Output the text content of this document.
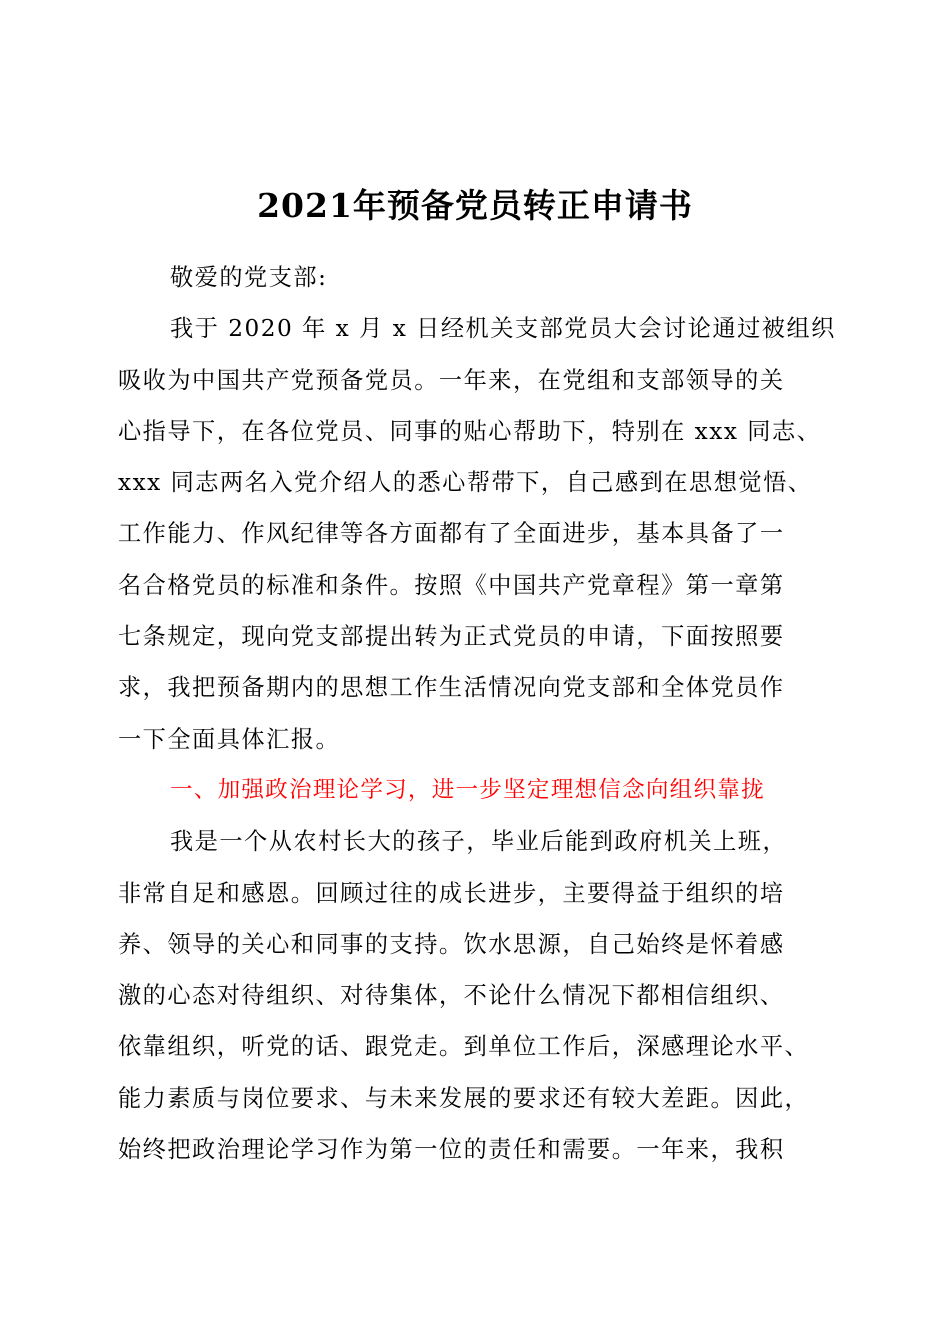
2021年预备党员转正申请书
敬爱的党支部:
我于 2020 年 x 月 x 日经机关支部党员大会讨论通过被组织
吸收为中国共产党预备党员。一年来，在党组和支部领导的关
心指导下，在各位党员、同事的贴心帮助下，特别在 xxx 同志、
xxx 同志两名入党介绍人的悉心帮带下，自己感到在思想觉悟、
工作能力、作风纪律等各方面都有了全面进步，基本具备了一
名合格党员的标准和条件。按照《中国共产党章程》第一章第
七条规定，现向党支部提出转为正式党员的申请，下面按照要
求，我把预备期内的思想工作生活情况向党支部和全体党员作
一下全面具体汇报。
一、加强政治理论学习，进一步坚定理想信念向组织靠拢
我是一个从农村长大的孩子，毕业后能到政府机关上班，
非常自足和感恩。回顾过往的成长进步，主要得益于组织的培
养、领导的关心和同事的支持。饮水思源，自己始终是怀着感
激的心态对待组织、对待集体，不论什么情况下都相信组织、
依靠组织，听党的话、跟党走。到单位工作后，深感理论水平、
能力素质与岗位要求、与未来发展的要求还有较大差距。因此，
始终把政治理论学习作为第一位的责任和需要。一年来，我积
